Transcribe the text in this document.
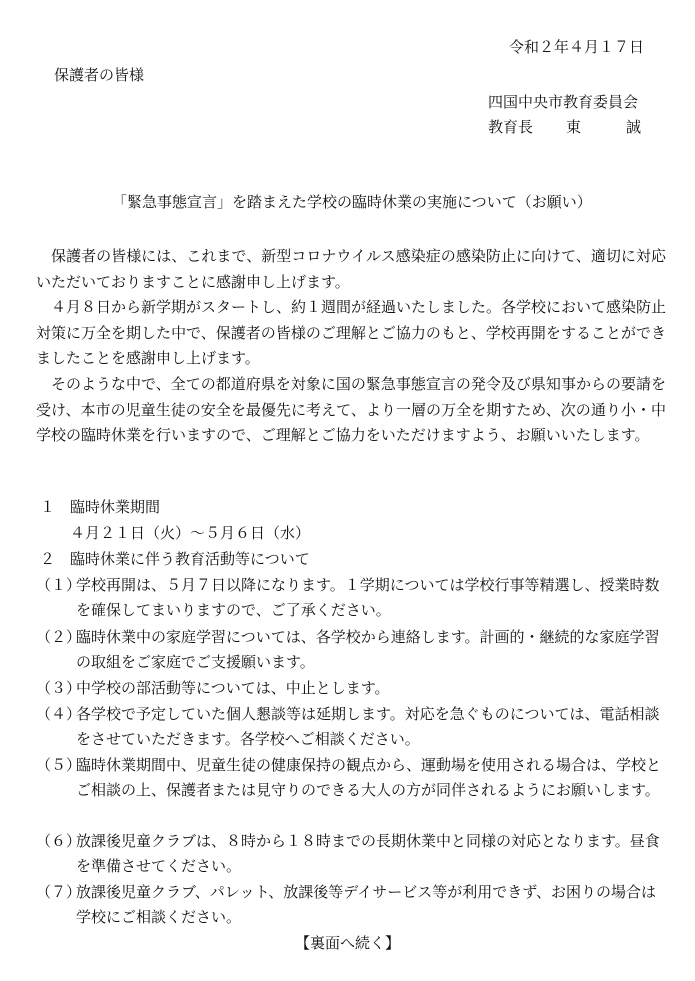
令和２年４月１７日
保護者の皆様
四国中央市教育委員会
教育長 東　　　誠
「緊急事態宣言」を踏まえた学校の臨時休業の実施について（お願い）
　保護者の皆様には、これまで、新型コロナウイルス感染症の感染防止に向けて、適切に対応いただいておりますことに感謝申し上げます。
　４月８日から新学期がスタートし、約１週間が経過いたしました。各学校において感染防止対策に万全を期した中で、保護者の皆様のご理解とご協力のもと、学校再開をすることができましたことを感謝申し上げます。
　そのような中で、全ての都道府県を対象に国の緊急事態宣言の発令及び県知事からの要請を受け、本市の児童生徒の安全を最優先に考えて、より一層の万全を期すため、次の通り小・中学校の臨時休業を行いますので、ご理解とご協力をいただけますよう、お願いいたします。
１　臨時休業期間
４月２１日（火）～５月６日（水）
２　臨時休業に伴う教育活動等について
（１）
学校再開は、５月７日以降になります。１学期については学校行事等精選し、授業時数を確保してまいりますので、ご了承ください。
（２）
臨時休業中の家庭学習については、各学校から連絡します。計画的・継続的な家庭学習の取組をご家庭でご支援願います。
（３）
中学校の部活動等については、中止とします。
（４）
各学校で予定していた個人懇談等は延期します。対応を急ぐものについては、電話相談をさせていただきます。各学校へご相談ください。
（５）
臨時休業期間中、児童生徒の健康保持の観点から、運動場を使用される場合は、学校とご相談の上、保護者または見守りのできる大人の方が同伴されるようにお願いします。
（６）
放課後児童クラブは、８時から１８時までの長期休業中と同様の対応となります。昼食を準備させてください。
（７）
放課後児童クラブ、パレット、放課後等デイサービス等が利用できず、お困りの場合は学校にご相談ください。
【裏面へ続く】
